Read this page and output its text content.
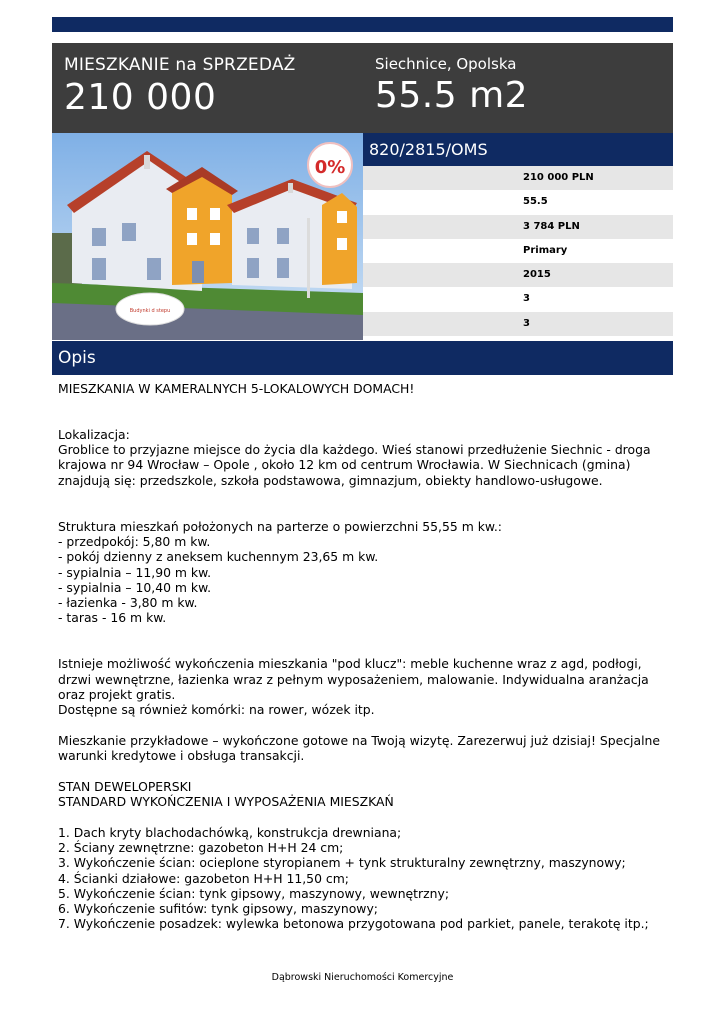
MIESZKANIE na SPRZEDAŻ
210 000
Siechnice, Opolska
55.5 m2
Budynki d stepu
0%
820/2815/OMS
210 000 PLN
55.5
3 784 PLN
Primary
2015
3
3
Opis
MIESZKANIA W KAMERALNYCH 5-LOKALOWYCH DOMACH!

Lokalizacja:
Groblice to przyjazne miejsce do życia dla każdego. Wieś stanowi przedłużenie Siechnic - droga
krajowa nr 94 Wrocław – Opole , około 12 km od centrum Wrocławia. W Siechnicach (gmina)
znajdują się: przedszkole, szkoła podstawowa, gimnazjum, obiekty handlowo-usługowe.

Struktura mieszkań położonych na parterze o powierzchni 55,55 m kw.:
- przedpokój: 5,80 m kw.
- pokój dzienny z aneksem kuchennym 23,65 m kw.
- sypialnia – 11,90 m kw.
- sypialnia – 10,40 m kw.
- łazienka - 3,80 m kw.
- taras - 16 m kw.

Istnieje możliwość wykończenia mieszkania "pod klucz": meble kuchenne wraz z agd, podłogi,
drzwi wewnętrzne, łazienka wraz z pełnym wyposażeniem, malowanie. Indywidualna aranżacja
oraz projekt gratis.
Dostępne są również komórki: na rower, wózek itp.

Mieszkanie przykładowe – wykończone gotowe na Twoją wizytę. Zarezerwuj już dzisiaj! Specjalne
warunki kredytowe i obsługa transakcji.

STAN DEWELOPERSKI
STANDARD WYKOŃCZENIA I WYPOSAŻENIA MIESZKAŃ

1. Dach kryty blachodachówką, konstrukcja drewniana;
2. Ściany zewnętrzne: gazobeton H+H 24 cm;
3. Wykończenie ścian: ocieplone styropianem + tynk strukturalny zewnętrzny, maszynowy;
4. Ścianki działowe: gazobeton H+H 11,50 cm;
5. Wykończenie ścian: tynk gipsowy, maszynowy, wewnętrzny;
6. Wykończenie sufitów: tynk gipsowy, maszynowy;
7. Wykończenie posadzek: wylewka betonowa przygotowana pod parkiet, panele, terakotę itp.;
Dąbrowski Nieruchomości Komercyjne
